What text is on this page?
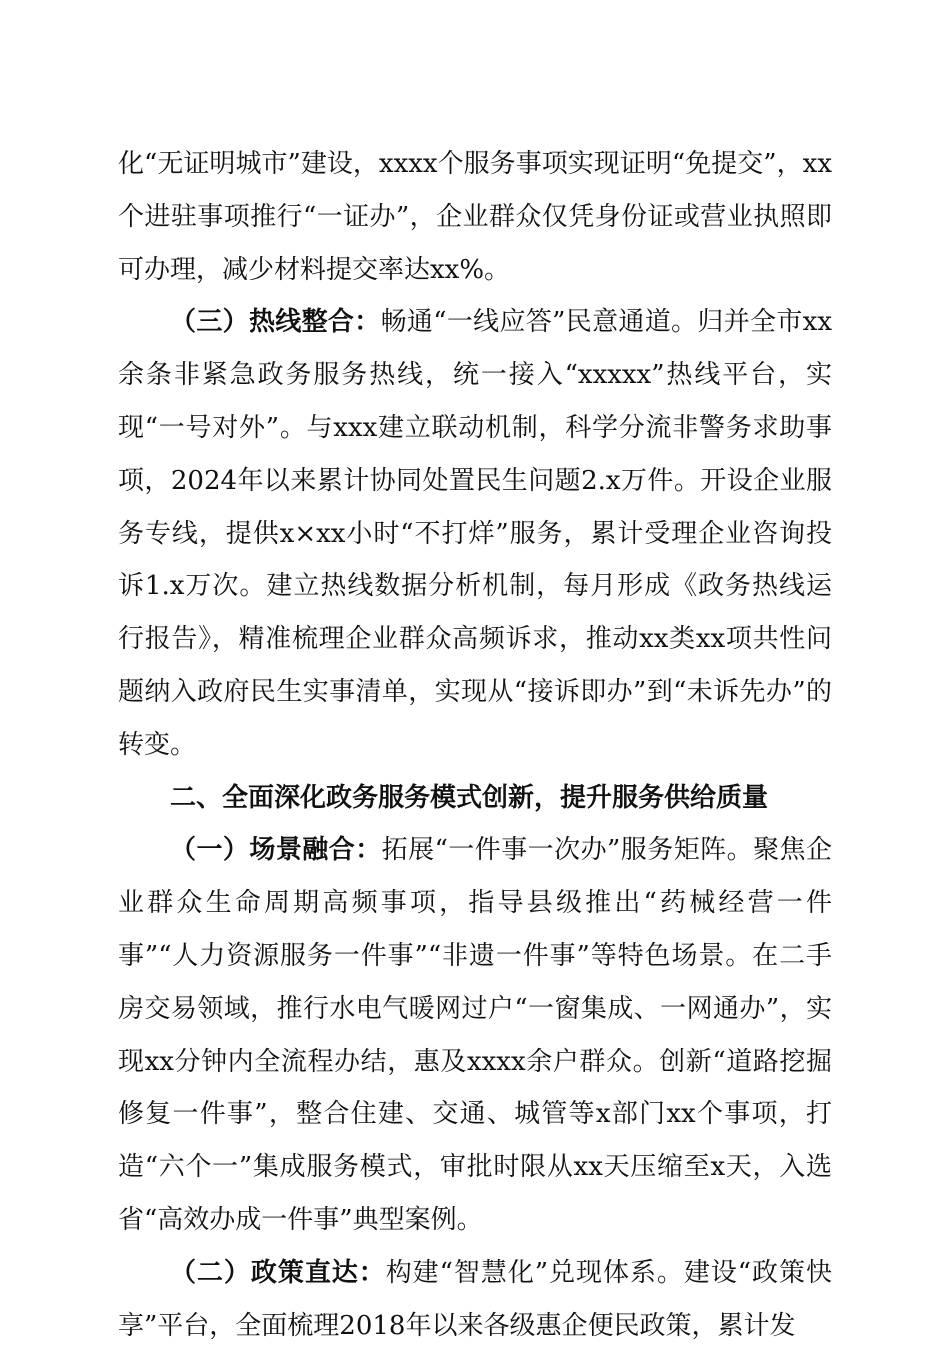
化“无证明城市”建设，xxxx个服务事项实现证明“免提交”，xx个进驻事项推行“一证办”，企业群众仅凭身份证或营业执照即可办理，减少材料提交率达xx%。

（三）热线整合：畅通“一线应答”民意通道。归并全市xx余条非紧急政务服务热线，统一接入“xxxxx”热线平台，实现“一号对外”。与xxx建立联动机制，科学分流非警务求助事项，2024年以来累计协同处置民生问题2.x万件。开设企业服务专线，提供x×xx小时“不打烊”服务，累计受理企业咨询投诉1.x万次。建立热线数据分析机制，每月形成《政务热线运行报告》，精准梳理企业群众高频诉求，推动xx类xx项共性问题纳入政府民生实事清单，实现从“接诉即办”到“未诉先办”的转变。

二、全面深化政务服务模式创新，提升服务供给质量

（一）场景融合：拓展“一件事一次办”服务矩阵。聚焦企业群众生命周期高频事项，指导县级推出“药械经营一件事”“人力资源服务一件事”“非遗一件事”等特色场景。在二手房交易领域，推行水电气暖网过户“一窗集成、一网通办”，实现xx分钟内全流程办结，惠及xxxx余户群众。创新“道路挖掘修复一件事”，整合住建、交通、城管等x部门xx个事项，打造“六个一”集成服务模式，审批时限从xx天压缩至x天，入选省“高效办成一件事”典型案例。

（二）政策直达：构建“智慧化”兑现体系。建设“政策快享”平台，全面梳理2018年以来各级惠企便民政策，累计发
